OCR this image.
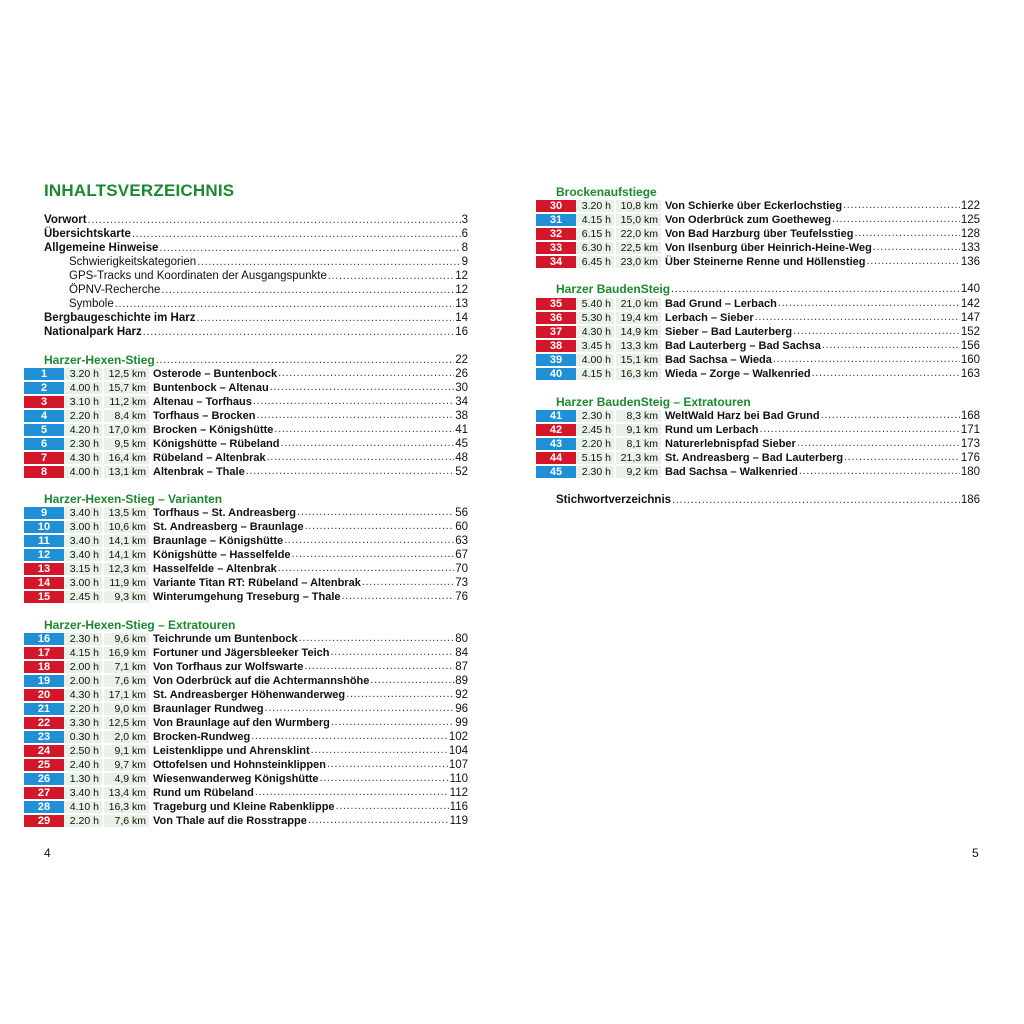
INHALTSVERZEICHNIS
Vorwort . . .	3
Übersichtskarte . . .	6
Allgemeine Hinweise . . .	8
Schwierigkeitskategorien . . .	9
GPS-Tracks und Koordinaten der Ausgangspunkte . . .	12
ÖPNV-Recherche . . .	12
Symbole . . .	13
Bergbaugeschichte im Harz . . .	14
Nationalpark Harz . . .	16
Harzer-Hexen-Stieg . . .	22
1	3.20 h 12,5 km Osterode – Buntenbock . . .	26
2	4.00 h 15,7 km Buntenbock – Altenau . . .	30
3	3.10 h 11,2 km Altenau – Torfhaus . . .	34
4	2.20 h	8,4 km Torfhaus – Brocken . . .	38
5	4.20 h 17,0 km Brocken – Königshütte . . .	41
6	2.30 h	9,5 km Königshütte – Rübeland . . .	45
7	4.30 h 16,4 km Rübeland – Altenbrak . . .	48
8	4.00 h 13,1 km Altenbrak – Thale . . .	52
Harzer-Hexen-Stieg – Varianten
9	3.40 h 13,5 km Torfhaus – St. Andreasberg . . .	56
10	3.00 h 10,6 km St. Andreasberg – Braunlage . . .	60
11	3.40 h 14,1 km Braunlage – Königshütte . . .	63
12	3.40 h 14,1 km Königshütte – Hasselfelde . . .	67
13	3.15 h 12,3 km Hasselfelde – Altenbrak . . .	70
14	3.00 h 11,9 km Variante Titan RT: Rübeland – Altenbrak . . .	73
15	2.45 h	9,3 km Winterumgehung Treseburg – Thale . . .	76
Harzer-Hexen-Stieg – Extratouren
16	2.30 h	9,6 km Teichrunde um Buntenbock . . .	80
17	4.15 h 16,9 km Fortuner und Jägersbleeker Teich . . .	84
18	2.00 h	7,1 km Von Torfhaus zur Wolfswarte . . .	87
19	2.00 h	7,6 km Von Oderbrück auf die Achtermannshöhe . . .	89
20	4.30 h 17,1 km St. Andreasberger Höhenwanderweg . . .	92
21	2.20 h	9,0 km Braunlager Rundweg . . .	96
22	3.30 h 12,5 km Von Braunlage auf den Wurmberg . . .	99
23	0.30 h	2,0 km Brocken-Rundweg . . .	102
24	2.50 h	9,1 km Leistenklippe und Ahrensklint . . .	104
25	2.40 h	9,7 km Ottofelsen und Hohnsteinklippen . . .	107
26	1.30 h	4,9 km Wiesenwanderweg Königshütte . . .	110
27	3.40 h 13,4 km Rund um Rübeland . . .	112
28	4.10 h 16,3 km Trageburg und Kleine Rabenklippe . . .	116
29	2.20 h	7,6 km Von Thale auf die Rosstrappe . . .	119
4
Brockenaufstiege
30	3.20 h 10,8 km Von Schierke über Eckerlochstieg . . .	122
31	4.15 h 15,0 km Von Oderbrück zum Goetheweg . . .	125
32	6.15 h 22,0 km Von Bad Harzburg über Teufelsstieg . . .	128
33	6.30 h 22,5 km Von Ilsenburg über Heinrich-Heine-Weg . . .	133
34	6.45 h 23,0 km Über Steinerne Renne und Höllenstieg . . .	136
Harzer BaudenSteig . . .	140
35	5.40 h 21,0 km Bad Grund – Lerbach . . .	142
36	5.30 h 19,4 km Lerbach – Sieber . . .	147
37	4.30 h 14,9 km Sieber – Bad Lauterberg . . .	152
38	3.45 h 13,3 km Bad Lauterberg – Bad Sachsa . . .	156
39	4.00 h 15,1 km Bad Sachsa – Wieda . . .	160
40	4.15 h 16,3 km Wieda – Zorge – Walkenried . . .	163
Harzer BaudenSteig – Extratouren
41	2.30 h	8,3 km WeltWald Harz bei Bad Grund . . .	168
42	2.45 h	9,1 km Rund um Lerbach . . .	171
43	2.20 h	8,1 km Naturerlebnispfad Sieber . . .	173
44	5.15 h 21,3 km St. Andreasberg – Bad Lauterberg . . .	176
45	2.30 h	9,2 km Bad Sachsa – Walkenried . . .	180
Stichwortverzeichnis . . .	186
5
